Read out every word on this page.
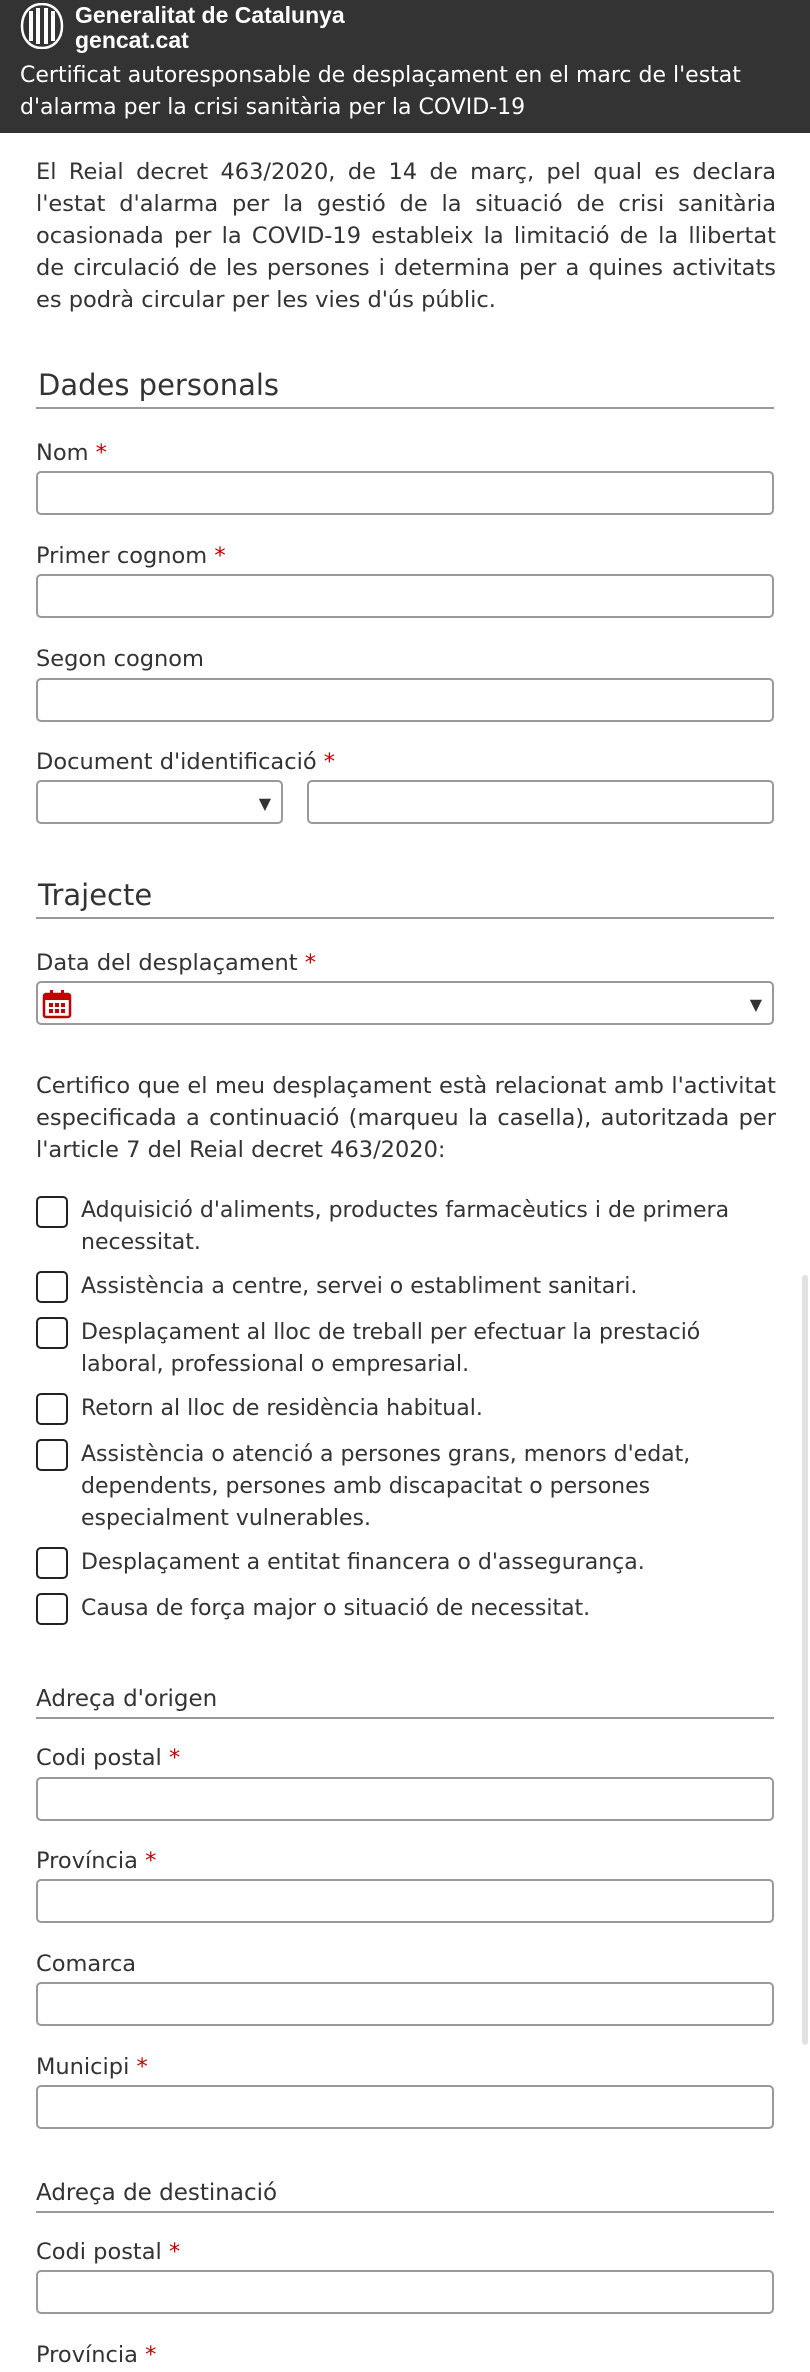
Generalitat de Catalunya
gencat.cat
Certificat autoresponsable de desplaçament en el marc de l'estat d'alarma per la crisi sanitària per la COVID-19
El Reial decret 463/2020, de 14 de març, pel qual es declara l'estat d'alarma per la gestió de la situació de crisi sanitària ocasionada per la COVID-19 estableix la limitació de la llibertat de circulació de les persones i determina per a quines activitats es podrà circular per les vies d'ús públic.
Dades personals
Nom *
Primer cognom *
Segon cognom
Document d'identificació *
▼
Trajecte
Data del desplaçament *
▼
Certifico que el meu desplaçament està relacionat amb l'activitat especificada a continuació (marqueu la casella), autoritzada per l'article 7 del Reial decret 463/2020:
Adquisició d'aliments, productes farmacèutics i de primera necessitat.
Assistència a centre, servei o establiment sanitari.
Desplaçament al lloc de treball per efectuar la prestació laboral, professional o empresarial.
Retorn al lloc de residència habitual.
Assistència o atenció a persones grans, menors d'edat, dependents, persones amb discapacitat o persones especialment vulnerables.
Desplaçament a entitat financera o d'assegurança.
Causa de força major o situació de necessitat.
Adreça d'origen
Codi postal *
Província *
Comarca
Municipi *
Adreça de destinació
Codi postal *
Província *
